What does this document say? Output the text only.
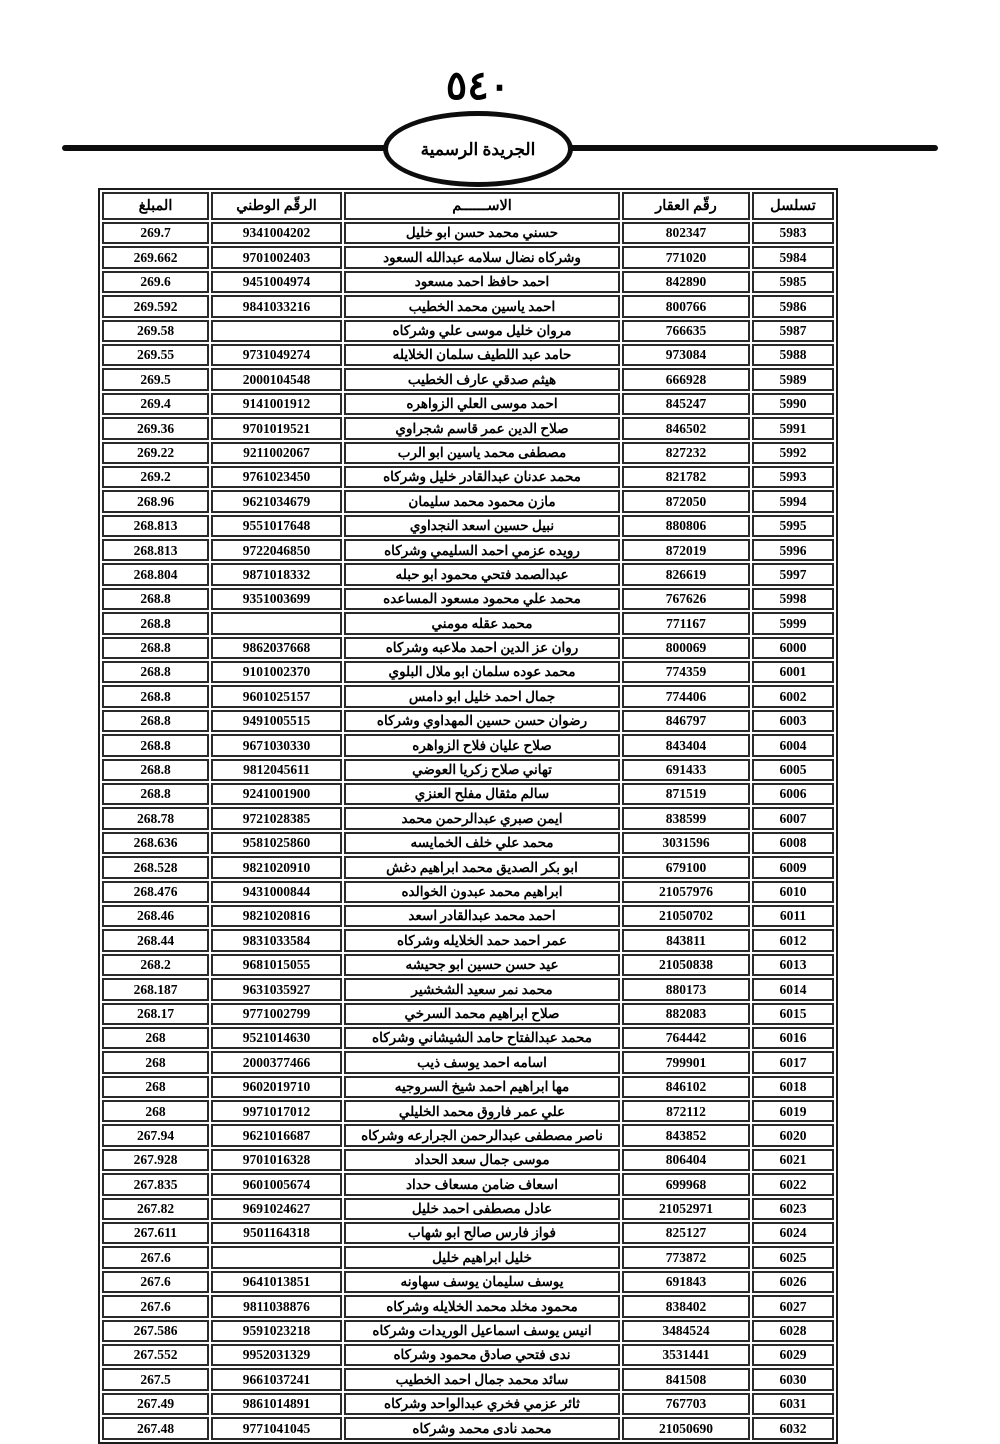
٥٤٠
الجريدة الرسمية
تسلسل	رقّم العقار	الاســــــم	الرقّم الوطني	المبلغ
5983	802347	حسني محمد حسن ابو خليل	9341004202	269.7
5984	771020	وشركاه نضال سلامه عبدالله السعود	9701002403	269.662
5985	842890	احمد حافظ احمد مسعود	9451004974	269.6
5986	800766	احمد ياسين محمد الخطيب	9841033216	269.592
5987	766635	مروان خليل موسى علي وشركاه		269.58
5988	973084	حامد عبد اللطيف سلمان الخلايله	9731049274	269.55
5989	666928	هيثم صدقي عارف الخطيب	2000104548	269.5
5990	845247	احمد موسى العلي الزواهره	9141001912	269.4
5991	846502	صلاح الدين عمر قاسم شجراوي	9701019521	269.36
5992	827232	مصطفى محمد ياسين ابو الرب	9211002067	269.22
5993	821782	محمد عدنان عبدالقادر خليل وشركاه	9761023450	269.2
5994	872050	مازن محمود محمد سليمان	9621034679	268.96
5995	880806	نبيل حسين اسعد النجداوي	9551017648	268.813
5996	872019	رويده عزمي احمد السليمي وشركاه	9722046850	268.813
5997	826619	عبدالصمد فتحي محمود ابو حبله	9871018332	268.804
5998	767626	محمد علي محمود مسعود المساعده	9351003699	268.8
5999	771167	محمد عقله مومني		268.8
6000	800069	روان عز الدين احمد ملاعبه وشركاه	9862037668	268.8
6001	774359	محمد عوده سلمان ابو ملال البلوي	9101002370	268.8
6002	774406	جمال احمد خليل ابو دامس	9601025157	268.8
6003	846797	رضوان حسن حسين المهداوي وشركاه	9491005515	268.8
6004	843404	صلاح عليان فلاح الزواهره	9671030330	268.8
6005	691433	تهاني صلاح زكريا العوضي	9812045611	268.8
6006	871519	سالم مثقال مفلح العنزي	9241001900	268.8
6007	838599	ايمن صبري عبدالرحمن محمد	9721028385	268.78
6008	3031596	محمد علي خلف الخمايسه	9581025860	268.636
6009	679100	ابو بكر الصديق محمد ابراهيم دغش	9821020910	268.528
6010	21057976	ابراهيم محمد عبدون الخوالده	9431000844	268.476
6011	21050702	احمد محمد عبدالقادر اسعد	9821020816	268.46
6012	843811	عمر احمد حمد الخلايله وشركاه	9831033584	268.44
6013	21050838	عيد حسن حسين ابو جحيشه	9681015055	268.2
6014	880173	محمد نمر سعيد الشخشير	9631035927	268.187
6015	882083	صلاح ابراهيم محمد السرخي	9771002799	268.17
6016	764442	محمد عبدالفتاح حامد الشيشاني وشركاه	9521014630	268
6017	799901	اسامه احمد يوسف ذيب	2000377466	268
6018	846102	مها ابراهيم احمد شيخ السروجيه	9602019710	268
6019	872112	علي عمر فاروق محمد الخليلي	9971017012	268
6020	843852	ناصر مصطفى عبدالرحمن الجرارعه وشركاه	9621016687	267.94
6021	806404	موسى جمال سعد الحداد	9701016328	267.928
6022	699968	اسعاف ضامن مسعاف حداد	9601005674	267.835
6023	21052971	عادل مصطفى احمد خليل	9691024627	267.82
6024	825127	فواز فارس صالح ابو شهاب	9501164318	267.611
6025	773872	خليل ابراهيم خليل		267.6
6026	691843	يوسف سليمان يوسف سهاونه	9641013851	267.6
6027	838402	محمود مخلد محمد الخلايله وشركاه	9811038876	267.6
6028	3484524	انيس يوسف اسماعيل الوريدات وشركاه	9591023218	267.586
6029	3531441	ندى فتحي صادق محمود وشركاه	9952031329	267.552
6030	841508	سائد محمد جمال احمد الخطيب	9661037241	267.5
6031	767703	ثائر عزمي فخري عبدالواحد وشركاه	9861014891	267.49
6032	21050690	محمد نادى محمد وشركاه	9771041045	267.48
